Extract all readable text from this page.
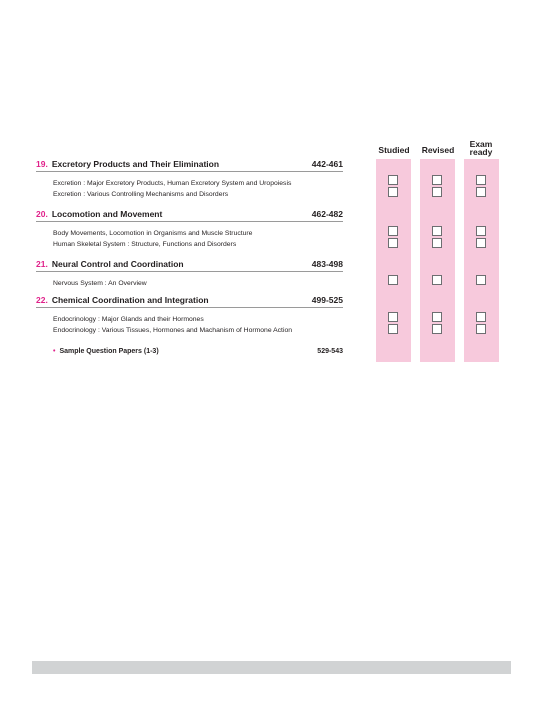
Studied	Revised
Exam
ready
19. Excretory Products and Their Elimination	442-461
Excretion : Major Excretory Products, Human Excretory System and Uropoiesis
Excretion : Various Controlling Mechanisms and Disorders
20. Locomotion and Movement	462-482
Body Movements, Locomotion in Organisms and Muscle Structure
Human Skeletal System : Structure, Functions and Disorders
21. Neural Control and Coordination	483-498
Nervous System : An Overview
22. Chemical Coordination and Integration	499-525
Endocrinology : Major Glands and their Hormones
Endocrinology : Various Tissues, Hormones and Machanism of Hormone Action
• Sample Question Papers (1-3)	529-543
